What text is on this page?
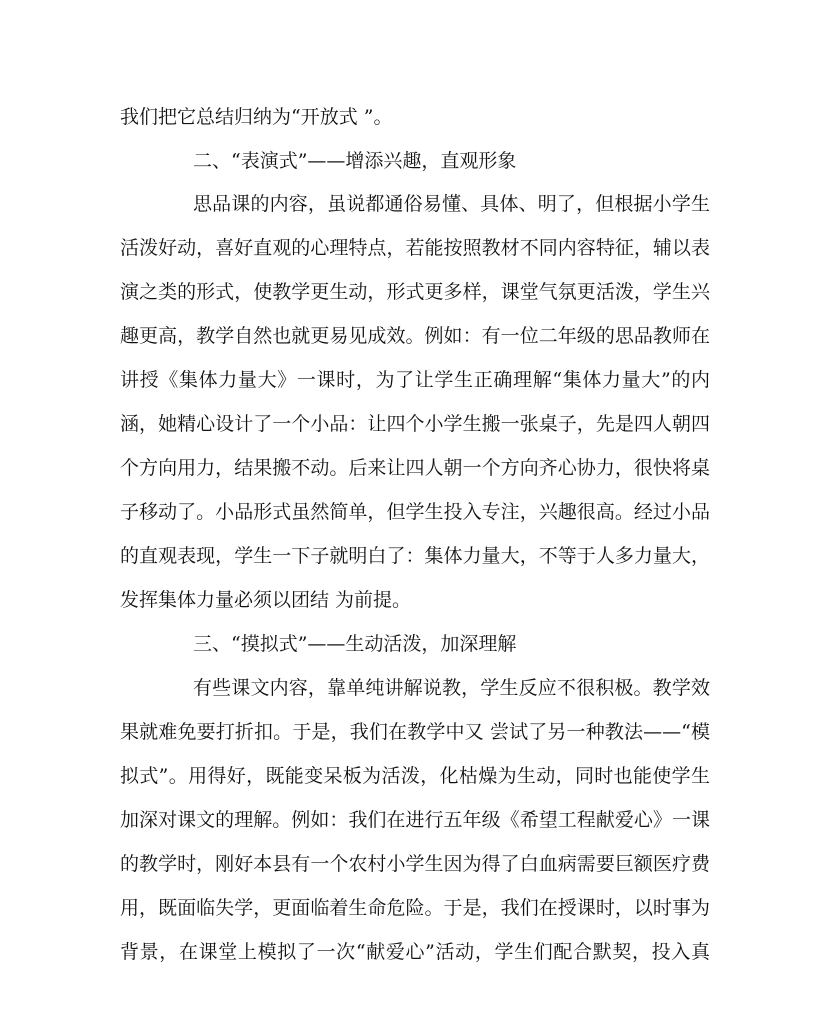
我们把它总结归纳为“开放式 ”。
二、“表演式”——增添兴趣，直观形象
思品课的内容，虽说都通俗易懂、具体、明了，但根据小学生
活泼好动，喜好直观的心理特点，若能按照教材不同内容特征，辅以表
演之类的形式，使教学更生动，形式更多样，课堂气氛更活泼，学生兴
趣更高，教学自然也就更易见成效。例如：有一位二年级的思品教师在
讲授《集体力量大》一课时，为了让学生正确理解“集体力量大”的内
涵，她精心设计了一个小品：让四个小学生搬一张桌子，先是四人朝四
个方向用力，结果搬不动。后来让四人朝一个方向齐心协力，很快将桌
子移动了。小品形式虽然简单，但学生投入专注，兴趣很高。经过小品
的直观表现，学生一下子就明白了：集体力量大，不等于人多力量大，
发挥集体力量必须以团结 为前提。
三、“摸拟式”——生动活泼，加深理解
有些课文内容，靠单纯讲解说教，学生反应不很积极。教学效
果就难免要打折扣。于是，我们在教学中又 尝试了另一种教法——“模
拟式”。用得好，既能变呆板为活泼，化枯燥为生动，同时也能使学生
加深对课文的理解。例如：我们在进行五年级《希望工程献爱心》一课
的教学时，刚好本县有一个农村小学生因为得了白血病需要巨额医疗费
用，既面临失学，更面临着生命危险。于是，我们在授课时，以时事为
背景，在课堂上模拟了一次“献爱心”活动，学生们配合默契，投入真
